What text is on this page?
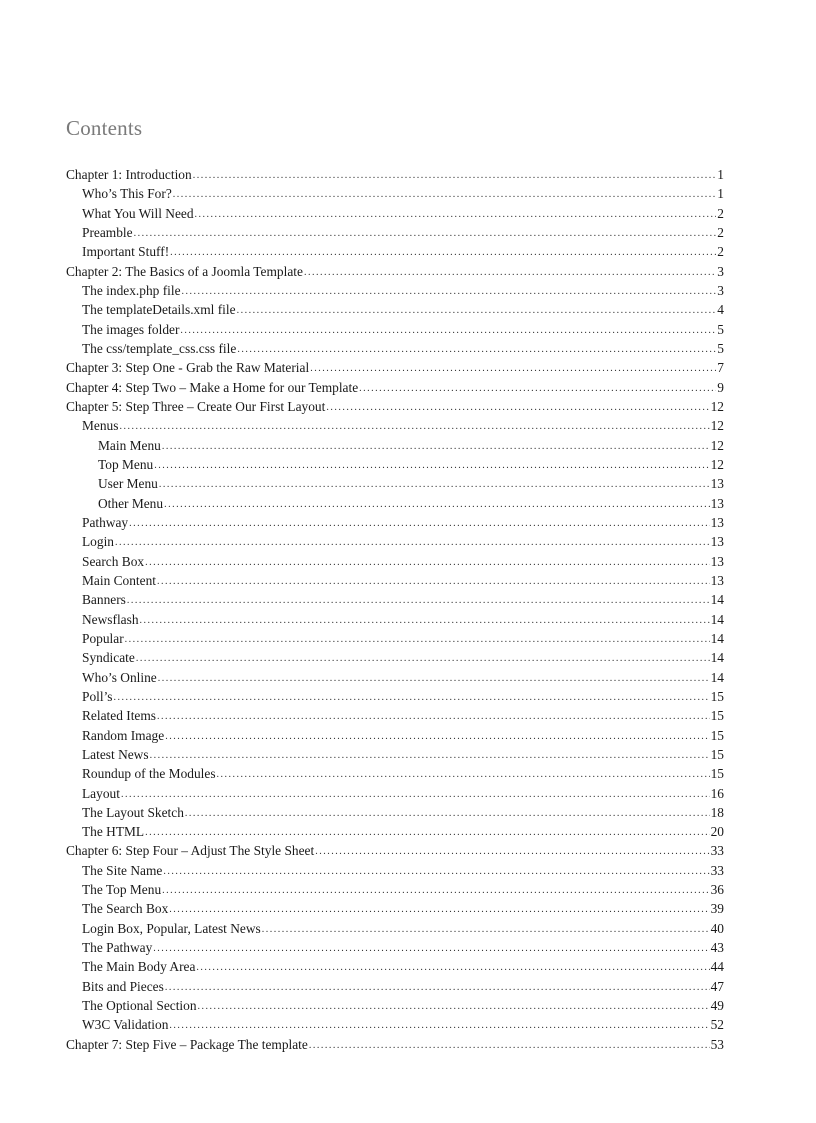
Contents
Chapter 1: Introduction .....	1
Who’s This For? .....	1
What You Will Need .....	2
Preamble .....	2
Important Stuff! .....	2
Chapter 2: The Basics of a Joomla Template .....	3
The index.php file .....	3
The templateDetails.xml file .....	4
The images folder .....	5
The css/template_css.css file .....	5
Chapter 3: Step One - Grab the Raw Material .....	7
Chapter 4: Step Two – Make a Home for our Template .....	9
Chapter 5: Step Three – Create Our First Layout .....	12
Menus .....	12
Main Menu .....	12
Top Menu .....	12
User Menu .....	13
Other Menu .....	13
Pathway .....	13
Login .....	13
Search Box .....	13
Main Content .....	13
Banners .....	14
Newsflash .....	14
Popular .....	14
Syndicate .....	14
Who’s Online .....	14
Poll’s .....	15
Related Items .....	15
Random Image .....	15
Latest News .....	15
Roundup of the Modules .....	15
Layout .....	16
The Layout Sketch .....	18
The HTML .....	20
Chapter 6: Step Four – Adjust The Style Sheet .....	33
The Site Name .....	33
The Top Menu .....	36
The Search Box .....	39
Login Box, Popular, Latest News .....	40
The Pathway .....	43
The Main Body Area .....	44
Bits and Pieces .....	47
The Optional Section .....	49
W3C Validation .....	52
Chapter 7: Step Five – Package The template .....	53
